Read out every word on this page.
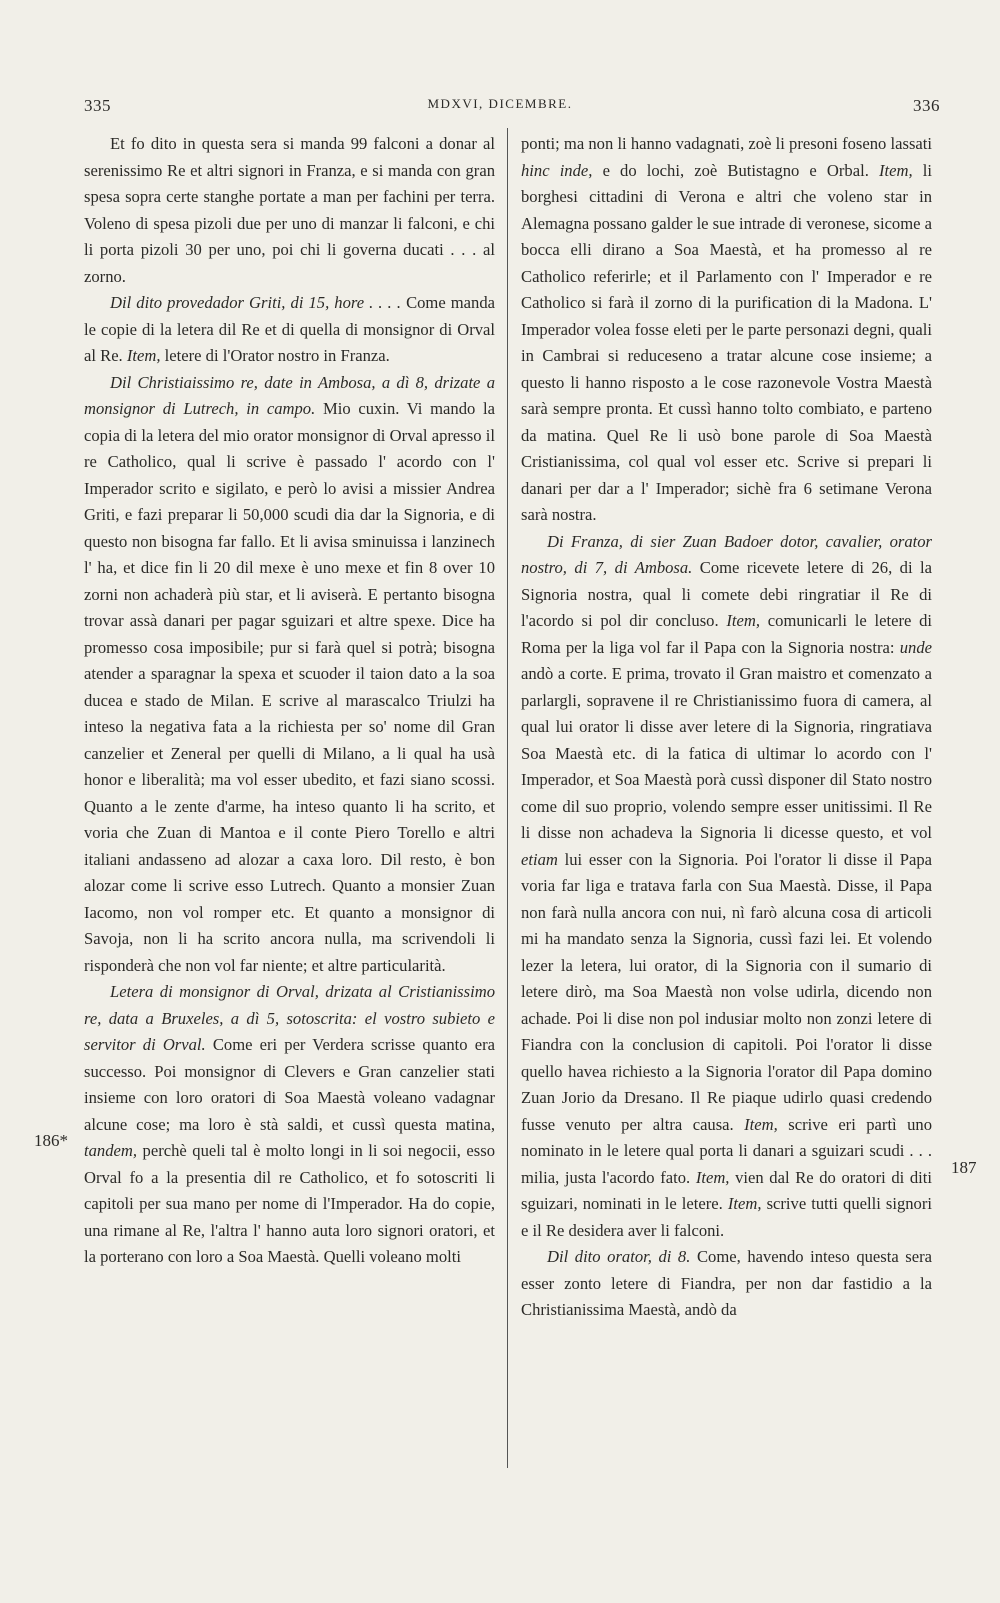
335	MDXVI, DICEMBRE.	336
186*
187

Et fo dito in questa sera si manda 99 falconi a donar al serenissimo Re et altri signori in Franza, e si manda con gran spesa sopra certe stanghe portate a man per fachini per terra. Voleno di spesa pizoli due per uno di manzar li falconi, e chi li porta pizoli 30 per uno, poi chi li governa ducati . . . al zorno.

Dil dito provedador Griti, di 15, hore . . . . Come manda le copie di la letera dil Re et di quella di monsignor di Orval al Re. Item, letere di l'Orator nostro in Franza.

Dil Christiaissimo re, date in Ambosa, a dì 8, drizate a monsignor di Lutrech, in campo. Mio cuxin. Vi mando la copia di la letera del mio orator monsignor di Orval apresso il re Catholico, qual li scrive è passado l' acordo con l' Imperador scrito e sigilato, e però lo avisi a missier Andrea Griti, e fazi preparar li 50,000 scudi dia dar la Signoria, e di questo non bisogna far fallo. Et li avisa sminuissa i lanzinech l' ha, et dice fin li 20 dil mexe è uno mexe et fin 8 over 10 zorni non achaderà più star, et li aviserà. E pertanto bisogna trovar assà danari per pagar sguizari et altre spexe. Dice ha promesso cosa imposibile; pur si farà quel si potrà; bisogna atender a sparagnar la spexa et scuoder il taion dato a la soa ducea e stado de Milan. E scrive al marascalco Triulzi ha inteso la negativa fata a la richiesta per so' nome dil Gran canzelier et Zeneral per quelli di Milano, a li qual ha usà honor e liberalità; ma vol esser ubedito, et fazi siano scossi. Quanto a le zente d'arme, ha inteso quanto li ha scrito, et voria che Zuan di Mantoa e il conte Piero Torello e altri italiani andasseno ad alozar a caxa loro. Dil resto, è bon alozar come li scrive esso Lutrech. Quanto a monsier Zuan Iacomo, non vol romper etc. Et quanto a monsignor di Savoja, non li ha scrito ancora nulla, ma scrivendoli li risponderà che non vol far niente; et altre particularità.

Letera di monsignor di Orval, drizata al Cristianissimo re, data a Bruxeles, a dì 5, sotoscrita: el vostro subieto e servitor di Orval. Come eri per Verdera scrisse quanto era successo. Poi monsignor di Clevers e Gran canzelier stati insieme con loro oratori di Soa Maestà voleano vadagnar alcune cose; ma loro è stà saldi, et cussì questa matina, tandem, perchè queli tal è molto longi in li soi negocii, esso Orval fo a la presentia dil re Catholico, et fo sotoscriti li capitoli per sua mano per nome di l'Imperador. Ha do copie, una rimane al Re, l'altra l' hanno auta loro signori oratori, et la porterano con loro a Soa Maestà. Quelli voleano molti

ponti; ma non li hanno vadagnati, zoè li presoni foseno lassati hinc inde, e do lochi, zoè Butistagno e Orbal. Item, li borghesi cittadini di Verona e altri che voleno star in Alemagna possano galder le sue intrade di veronese, sicome a bocca elli dirano a Soa Maestà, et ha promesso al re Catholico referirle; et il Parlamento con l' Imperador e re Catholico si farà il zorno di la purification di la Madona. L' Imperador volea fosse eleti per le parte personazi degni, quali in Cambrai si reduceseno a tratar alcune cose insieme; a questo li hanno risposto a le cose razonevole Vostra Maestà sarà sempre pronta. Et cussì hanno tolto combiato, e parteno da matina. Quel Re li usò bone parole di Soa Maestà Cristianissima, col qual vol esser etc. Scrive si prepari li danari per dar a l' Imperador; sichè fra 6 setimane Verona sarà nostra.

Di Franza, di sier Zuan Badoer dotor, cavalier, orator nostro, di 7, di Ambosa. Come ricevete letere di 26, di la Signoria nostra, qual li comete debi ringratiar il Re di l'acordo si pol dir concluso. Item, comunicarli le letere di Roma per la liga vol far il Papa con la Signoria nostra: unde andò a corte. E prima, trovato il Gran maistro et comenzato a parlargli, sopravene il re Christianissimo fuora di camera, al qual lui orator li disse aver letere di la Signoria, ringratiava Soa Maestà etc. di la fatica di ultimar lo acordo con l' Imperador, et Soa Maestà porà cussì disponer dil Stato nostro come dil suo proprio, volendo sempre esser unitissimi. Il Re li disse non achadeva la Signoria li dicesse questo, et vol etiam lui esser con la Signoria. Poi l'orator li disse il Papa voria far liga e tratava farla con Sua Maestà. Disse, il Papa non farà nulla ancora con nui, nì farò alcuna cosa di articoli mi ha mandato senza la Signoria, cussì fazi lei. Et volendo lezer la letera, lui orator, di la Signoria con il sumario di letere dirò, ma Soa Maestà non volse udirla, dicendo non achade. Poi li dise non pol indusiar molto non zonzi letere di Fiandra con la conclusion di capitoli. Poi l'orator li disse quello havea richiesto a la Signoria l'orator dil Papa domino Zuan Jorio da Dresano. Il Re piaque udirlo quasi credendo fusse venuto per altra causa. Item, scrive eri partì uno nominato in le letere qual porta li danari a sguizari scudi . . . milia, justa l'acordo fato. Item, vien dal Re do oratori di diti sguizari, nominati in le letere. Item, scrive tutti quelli signori e il Re desidera aver li falconi.

Dil dito orator, di 8. Come, havendo inteso questa sera esser zonto letere di Fiandra, per non dar fastidio a la Christianissima Maestà, andò da
